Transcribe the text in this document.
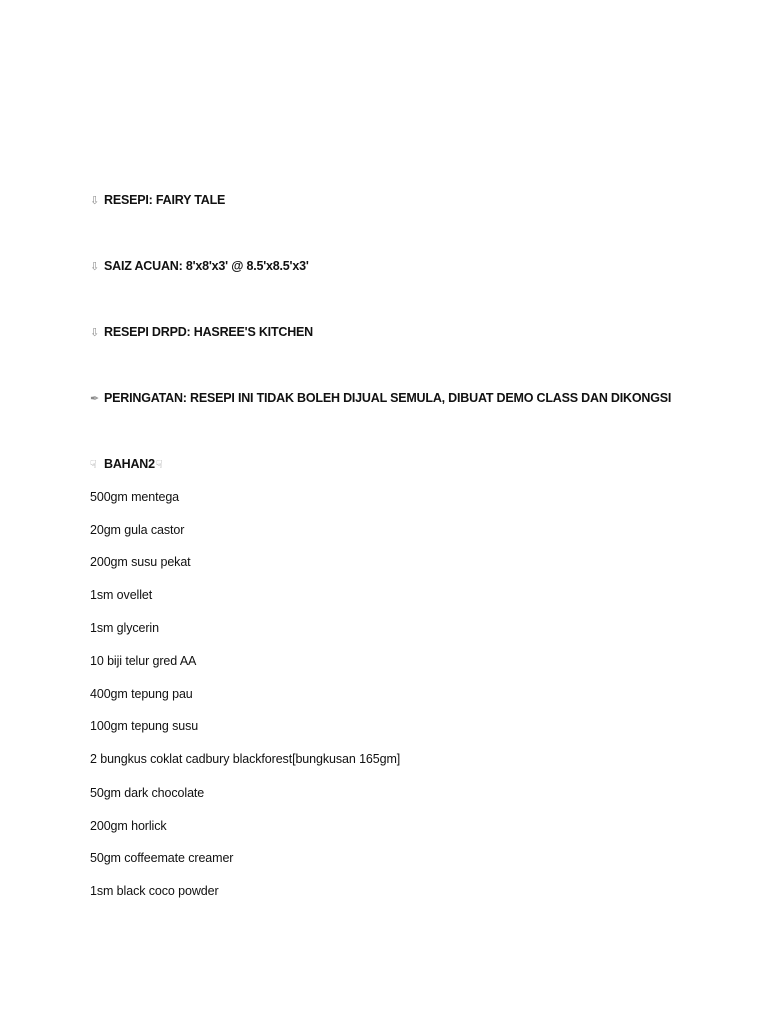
⇩ RESEPI: FAIRY TALE
⇩ SAIZ ACUAN: 8'x8'x3' @ 8.5'x8.5'x3'
⇩ RESEPI DRPD: HASREE'S KITCHEN
✒ PERINGATAN: RESEPI INI TIDAK BOLEH DIJUAL SEMULA, DIBUAT DEMO CLASS DAN DIKONGSI
☟ BAHAN2☟
500gm mentega
20gm gula castor
200gm susu pekat
1sm ovellet
1sm glycerin
10 biji telur gred AA
400gm tepung pau
100gm tepung susu
2 bungkus coklat cadbury blackforest[bungkusan 165gm]
50gm dark chocolate
200gm horlick
50gm coffeemate creamer
1sm black coco powder
